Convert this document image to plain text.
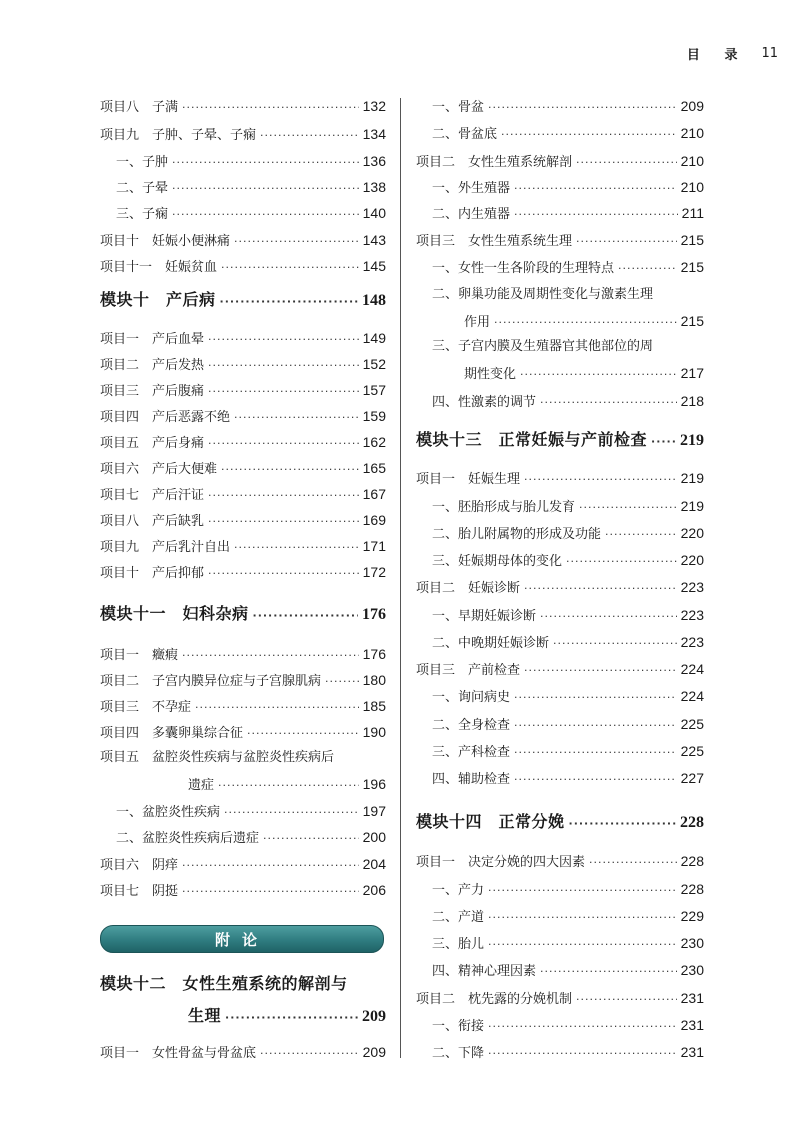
目 录 11
项目八　子满 ·····	132
项目九　子肿、子晕、子痫 ·····	134
一、子肿 ·····	136
二、子晕 ·····	138
三、子痫 ·····	140
项目十　妊娠小便淋痛 ·····	143
项目十一　妊娠贫血 ·····	145
模块十　产后病 ·····	148
项目一　产后血晕 ·····	149
项目二　产后发热 ·····	152
项目三　产后腹痛 ·····	157
项目四　产后恶露不绝 ·····	159
项目五　产后身痛 ·····	162
项目六　产后大便难 ·····	165
项目七　产后汗证 ·····	167
项目八　产后缺乳 ·····	169
项目九　产后乳汁自出 ·····	171
项目十　产后抑郁 ·····	172
模块十一　妇科杂病 ·····	176
项目一　癥瘕 ·····	176
项目二　子宫内膜异位症与子宫腺肌病 ·····	180
项目三　不孕症 ·····	185
项目四　多囊卵巢综合征 ·····	190
项目五　盆腔炎性疾病与盆腔炎性疾病后
遗症 ·····	196
一、盆腔炎性疾病 ·····	197
二、盆腔炎性疾病后遗症 ·····	200
项目六　阴痒 ·····	204
项目七　阴挺 ·····	206
模块十二　女性生殖系统的解剖与
生理 ·····	209
项目一　女性骨盆与骨盆底 ·····	209
一、骨盆 ·····	209
二、骨盆底 ·····	210
项目二　女性生殖系统解剖 ·····	210
一、外生殖器 ·····	210
二、内生殖器 ·····	211
项目三　女性生殖系统生理 ·····	215
一、女性一生各阶段的生理特点 ·····	215
二、卵巢功能及周期性变化与激素生理
作用 ·····	215
三、子宫内膜及生殖器官其他部位的周
期性变化 ·····	217
四、性激素的调节 ·····	218
模块十三　正常妊娠与产前检查 ····· 219
项目一　妊娠生理 ·····	219
一、胚胎形成与胎儿发育 ·····	219
二、胎儿附属物的形成及功能 ·····	220
三、妊娠期母体的变化 ·····	220
项目二　妊娠诊断 ·····	223
一、早期妊娠诊断 ·····	223
二、中晚期妊娠诊断 ·····	223
项目三　产前检查 ·····	224
一、询问病史 ·····	224
二、全身检查 ·····	225
三、产科检查 ·····	225
四、辅助检查 ·····	227
模块十四　正常分娩 ·····	228
项目一　决定分娩的四大因素 ·····	228
一、产力 ·····	228
二、产道 ·····	229
三、胎儿 ·····	230
四、精神心理因素 ·····	230
项目二　枕先露的分娩机制 ·····	231
一、衔接 ·····	231
二、下降 ·····	231
附论
